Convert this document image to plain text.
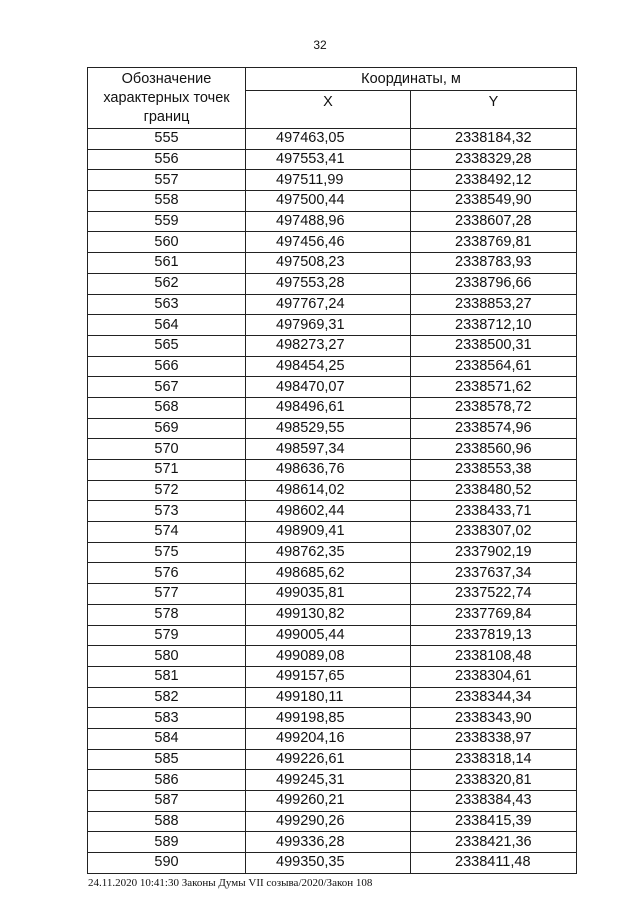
32
Обозначение характерных точек границ	Координаты, м	
	X	Y
555	497463,05	2338184,32
556	497553,41	2338329,28
557	497511,99	2338492,12
558	497500,44	2338549,90
559	497488,96	2338607,28
560	497456,46	2338769,81
561	497508,23	2338783,93
562	497553,28	2338796,66
563	497767,24	2338853,27
564	497969,31	2338712,10
565	498273,27	2338500,31
566	498454,25	2338564,61
567	498470,07	2338571,62
568	498496,61	2338578,72
569	498529,55	2338574,96
570	498597,34	2338560,96
571	498636,76	2338553,38
572	498614,02	2338480,52
573	498602,44	2338433,71
574	498909,41	2338307,02
575	498762,35	2337902,19
576	498685,62	2337637,34
577	499035,81	2337522,74
578	499130,82	2337769,84
579	499005,44	2337819,13
580	499089,08	2338108,48
581	499157,65	2338304,61
582	499180,11	2338344,34
583	499198,85	2338343,90
584	499204,16	2338338,97
585	499226,61	2338318,14
586	499245,31	2338320,81
587	499260,21	2338384,43
588	499290,26	2338415,39
589	499336,28	2338421,36
590	499350,35	2338411,48
24.11.2020 10:41:30 Законы Думы VII созыва/2020/Закон 108
